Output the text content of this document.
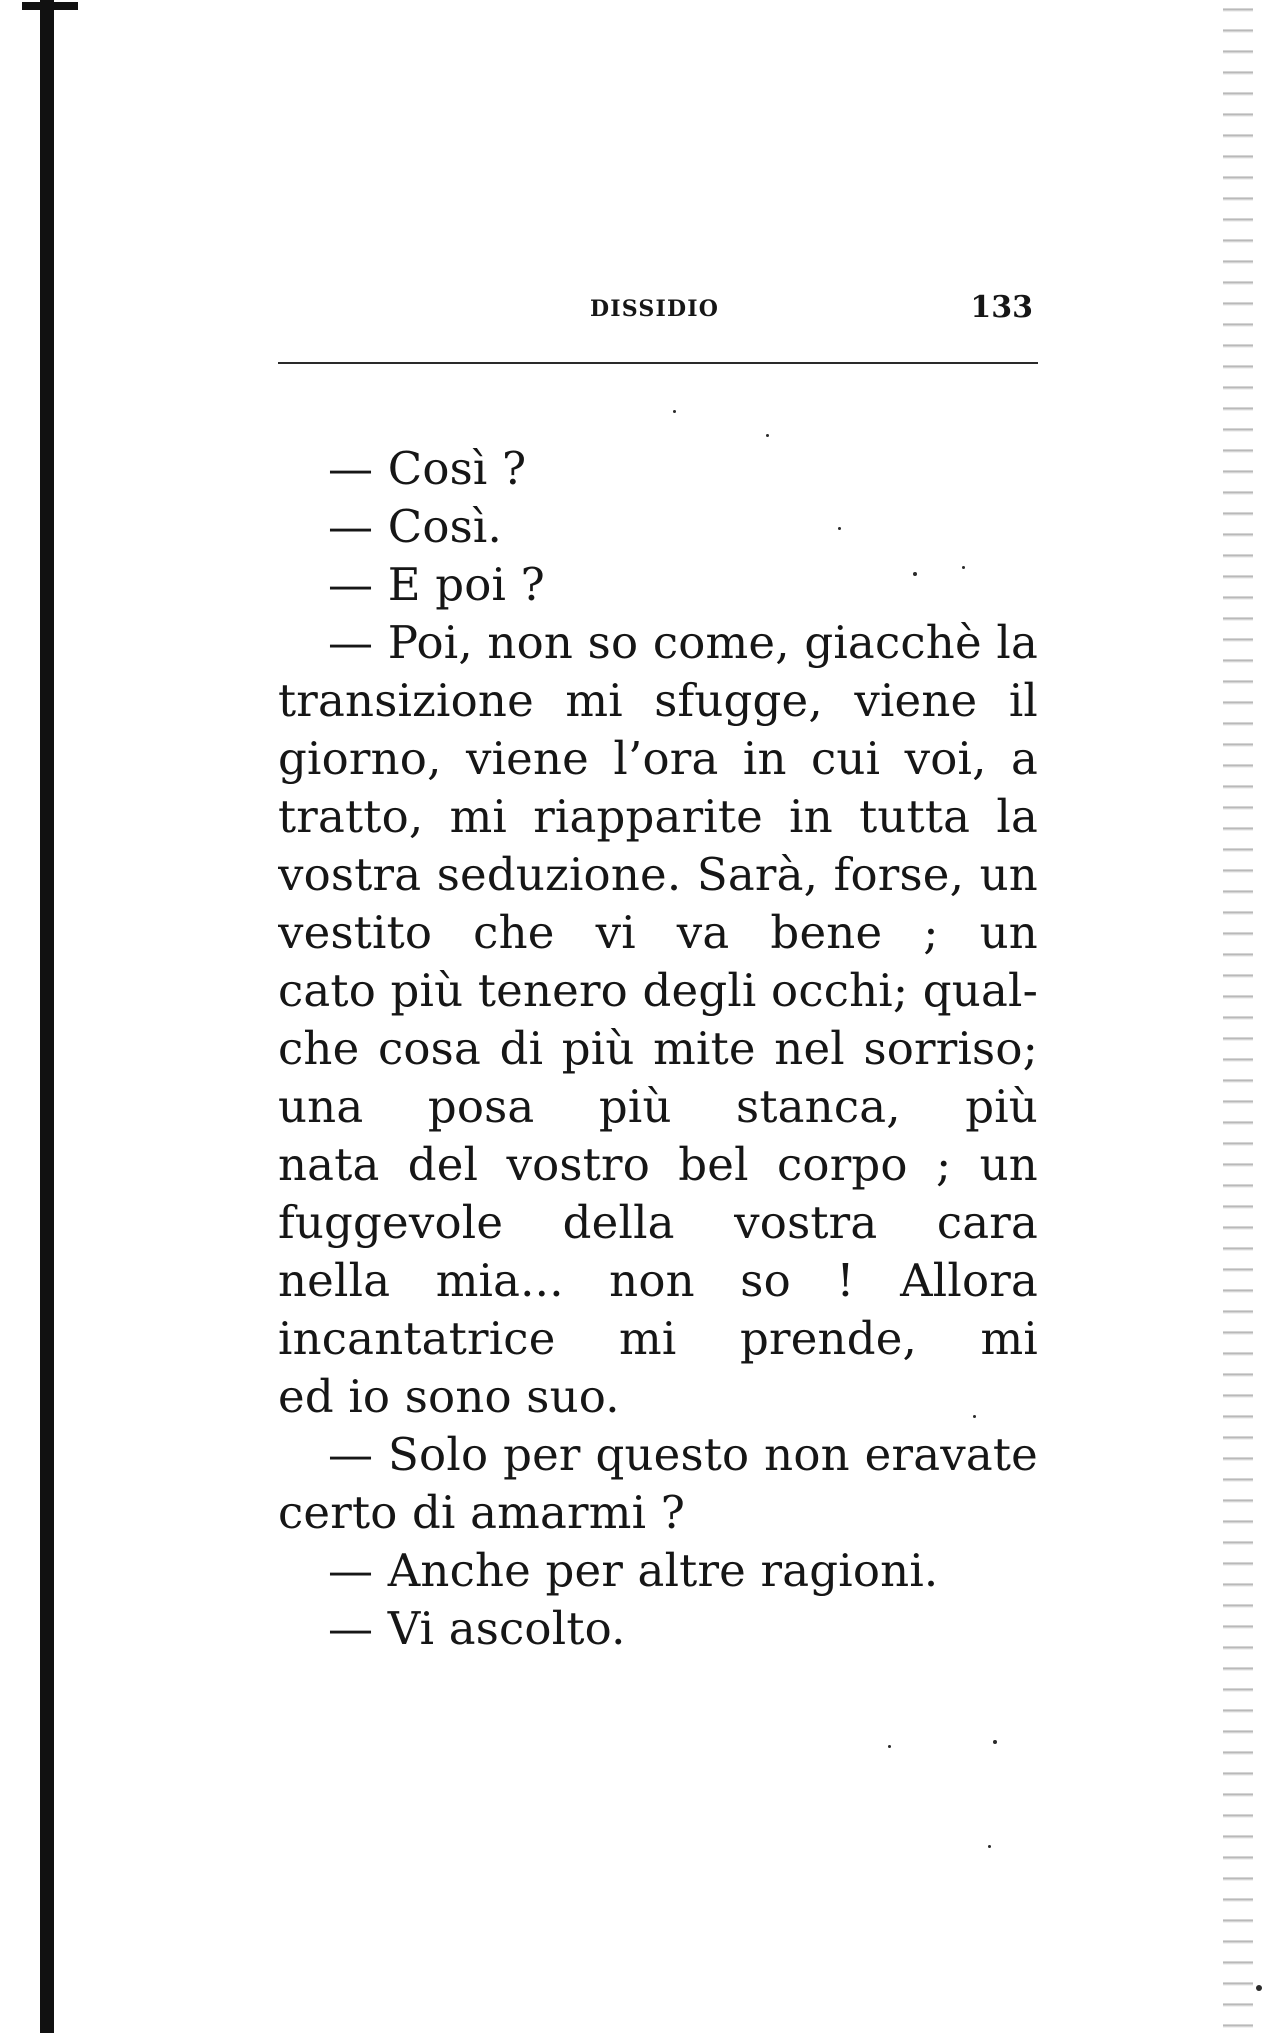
DISSIDIO	133
— Così ?
— Così.
— E poi ?
— Poi, non so come, giacchè la
transizione mi sfugge, viene il
giorno, viene l’ora in cui voi, a
tratto, mi riapparite in tutta la
vostra seduzione. Sarà, forse, un
vestito che vi va bene ; un
cato più tenero degli occhi; qual-
che cosa di più mite nel sorriso;
una posa più stanca, più
nata del vostro bel corpo ; un
fuggevole della vostra cara
nella mia... non so ! Allora
incantatrice mi prende, mi
ed io sono suo.
— Solo per questo non eravate
certo di amarmi ?
— Anche per altre ragioni.
— Vi ascolto.
